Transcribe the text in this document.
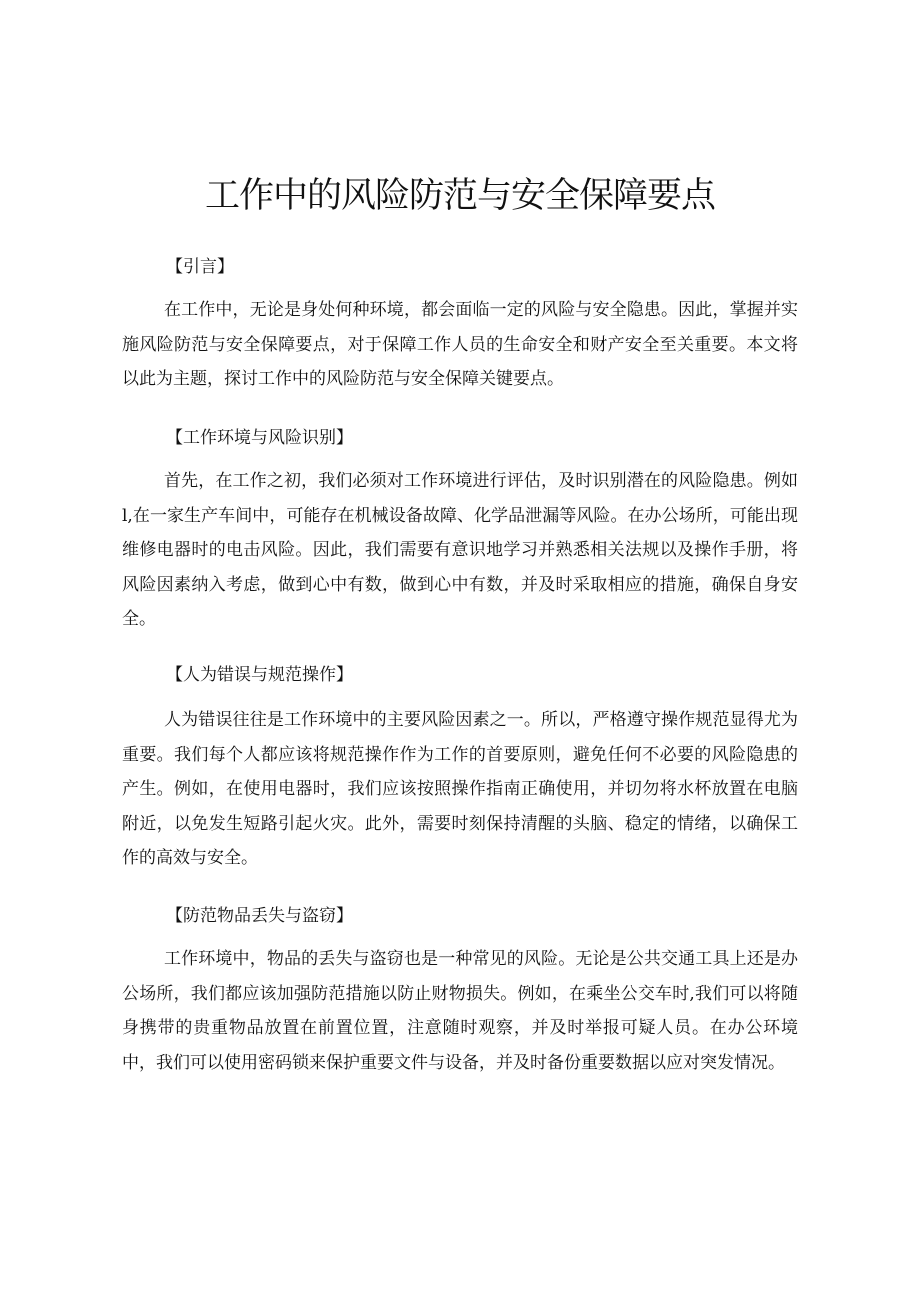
工作中的风险防范与安全保障要点
【引言】

在工作中，无论是身处何种环境，都会面临一定的风险与安全隐患。因此，掌握并实施风险防范与安全保障要点，对于保障工作人员的生命安全和财产安全至关重要。本文将以此为主题，探讨工作中的风险防范与安全保障关键要点。

【工作环境与风险识别】

首先，在工作之初，我们必须对工作环境进行评估，及时识别潜在的风险隐患。例如l,在一家生产车间中，可能存在机械设备故障、化学品泄漏等风险。在办公场所，可能出现维修电器时的电击风险。因此，我们需要有意识地学习并熟悉相关法规以及操作手册，将风险因素纳入考虑，做到心中有数，做到心中有数，并及时采取相应的措施，确保自身安全。

【人为错误与规范操作】

人为错误往往是工作环境中的主要风险因素之一。所以，严格遵守操作规范显得尤为重要。我们每个人都应该将规范操作作为工作的首要原则，避免任何不必要的风险隐患的产生。例如，在使用电器时，我们应该按照操作指南正确使用，并切勿将水杯放置在电脑附近，以免发生短路引起火灾。此外，需要时刻保持清醒的头脑、稳定的情绪，以确保工作的高效与安全。

【防范物品丢失与盗窃】

工作环境中，物品的丢失与盗窃也是一种常见的风险。无论是公共交通工具上还是办公场所，我们都应该加强防范措施以防止财物损失。例如，在乘坐公交车时,我们可以将随身携带的贵重物品放置在前置位置，注意随时观察，并及时举报可疑人员。在办公环境中，我们可以使用密码锁来保护重要文件与设备，并及时备份重要数据以应对突发情况。
